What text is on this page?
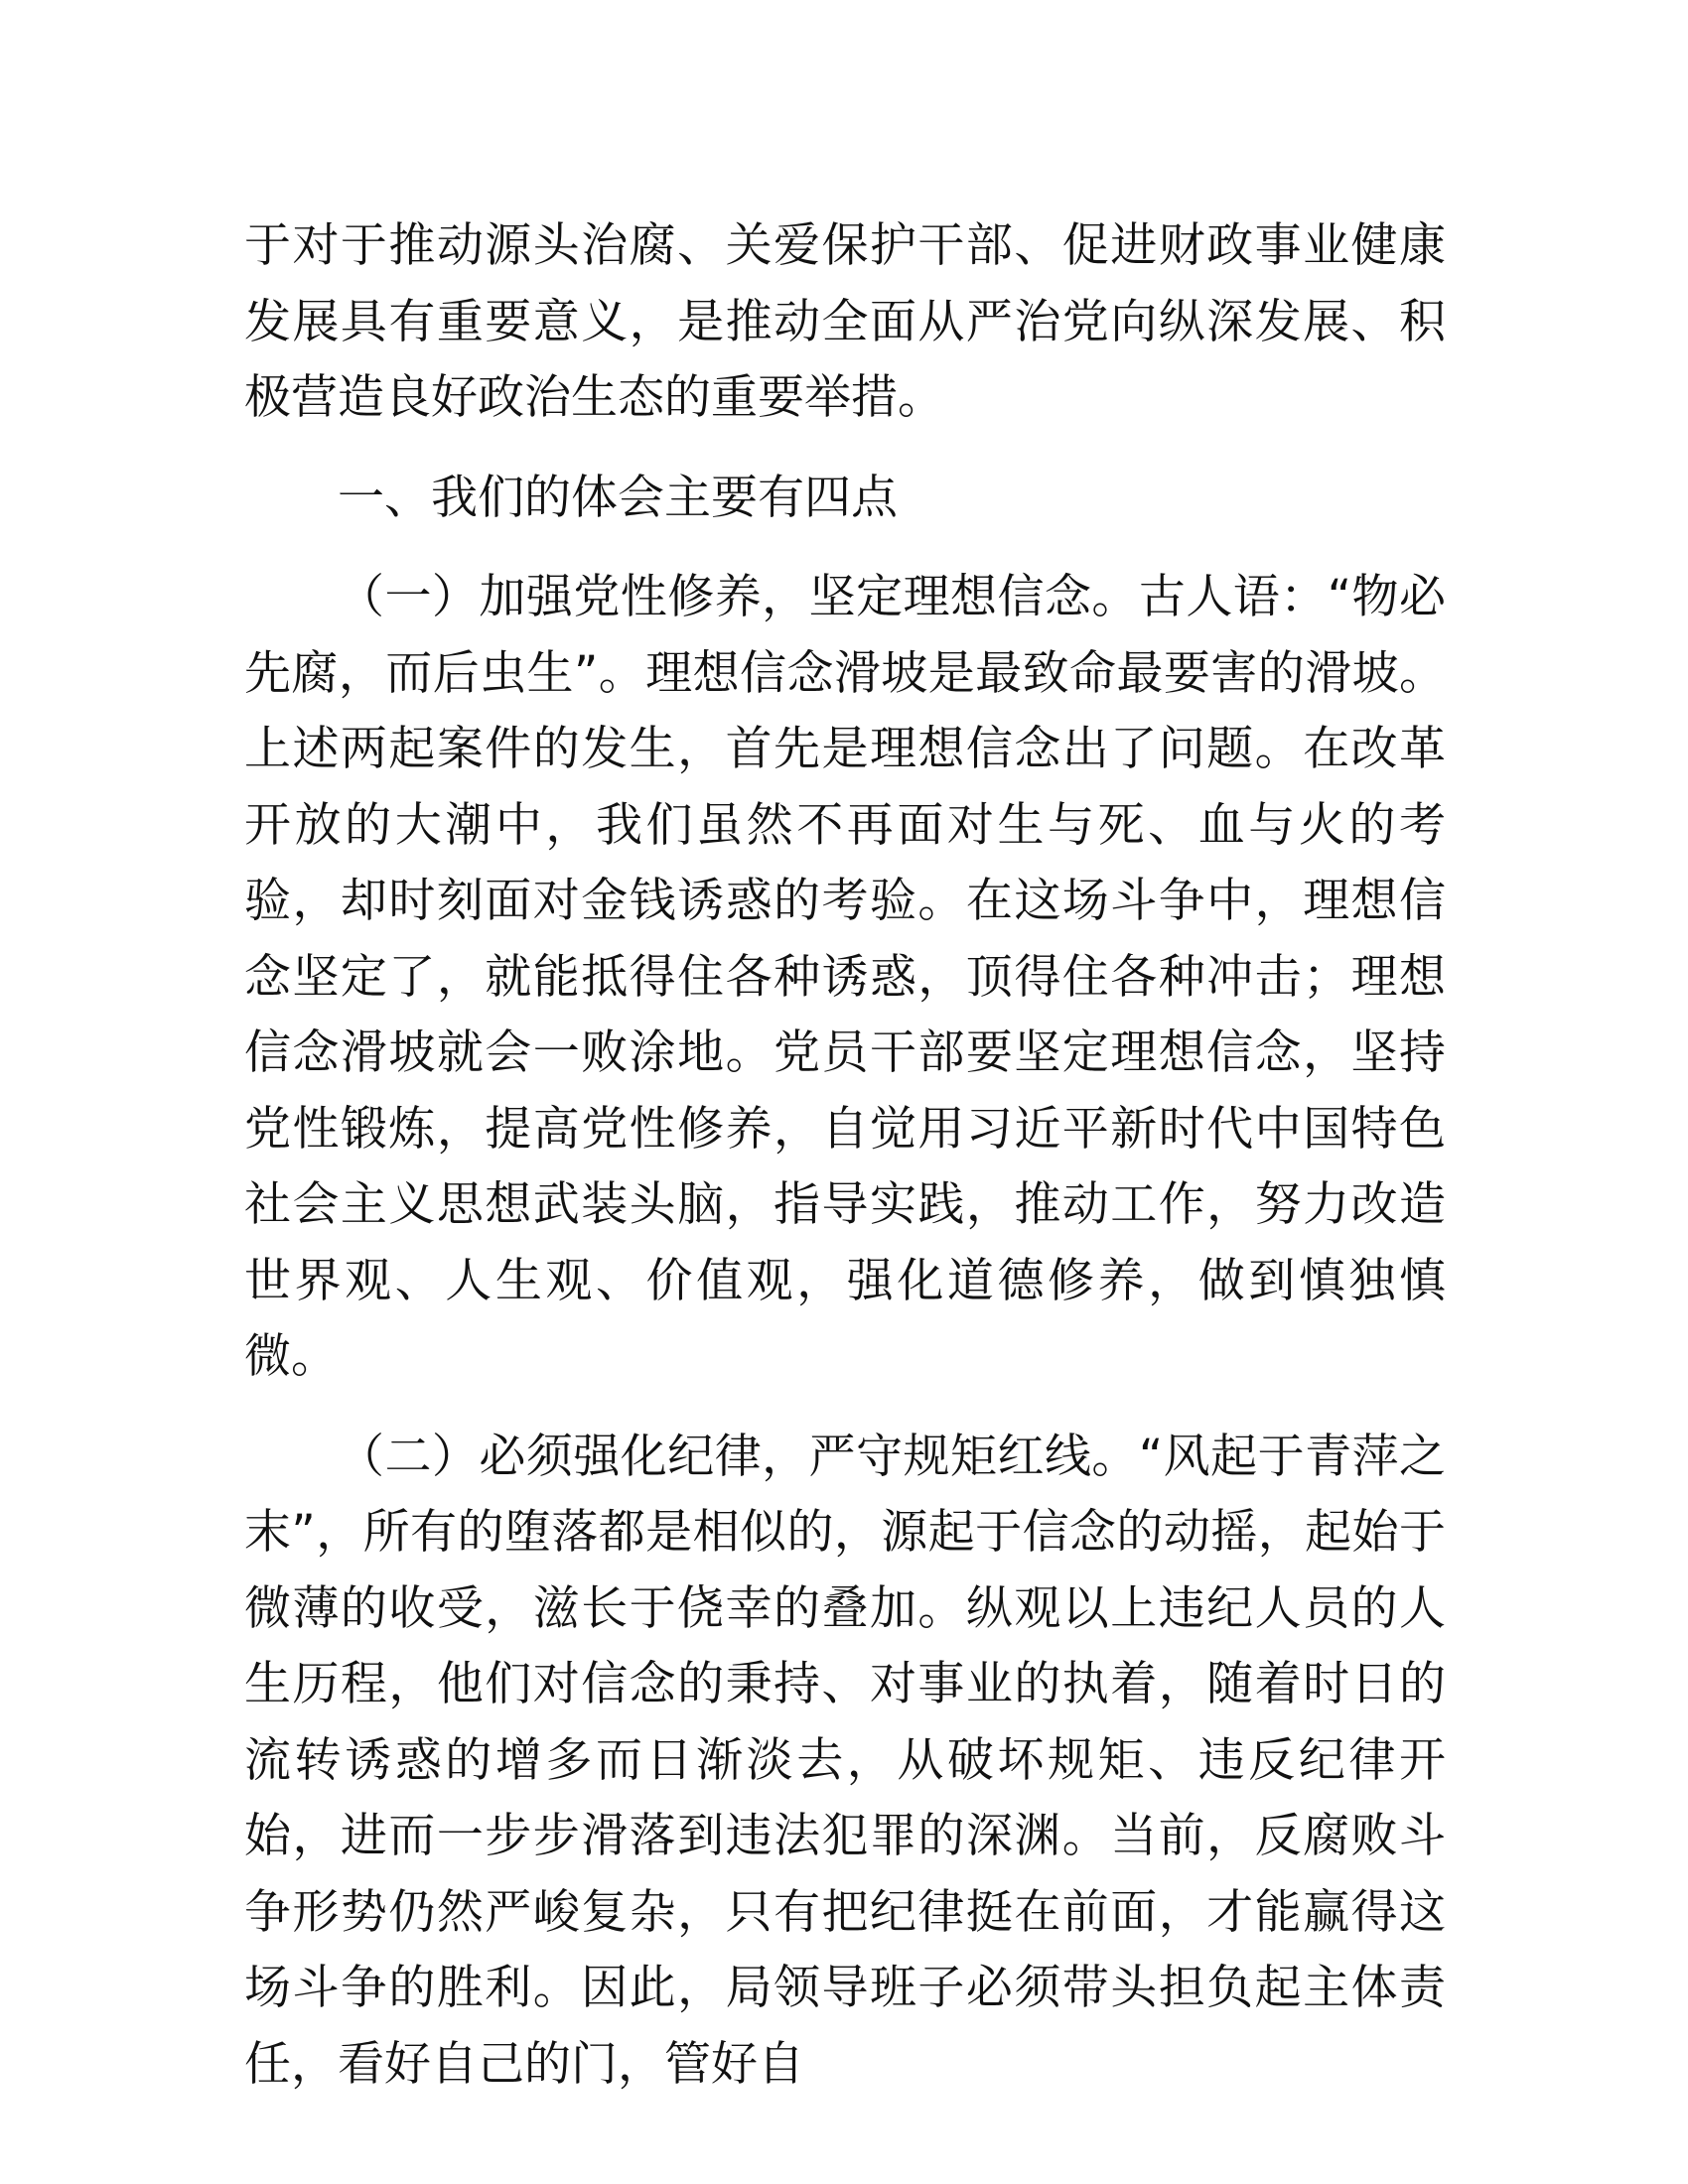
于对于推动源头治腐、关爱保护干部、促进财政事业健康发展具有重要意义，是推动全面从严治党向纵深发展、积极营造良好政治生态的重要举措。

一、我们的体会主要有四点

（一）加强党性修养，坚定理想信念。古人语：“物必先腐，而后虫生”。理想信念滑坡是最致命最要害的滑坡。上述两起案件的发生，首先是理想信念出了问题。在改革开放的大潮中，我们虽然不再面对生与死、血与火的考验，却时刻面对金钱诱惑的考验。在这场斗争中，理想信念坚定了，就能抵得住各种诱惑，顶得住各种冲击；理想信念滑坡就会一败涂地。党员干部要坚定理想信念，坚持党性锻炼，提高党性修养，自觉用习近平新时代中国特色社会主义思想武装头脑，指导实践，推动工作，努力改造世界观、人生观、价值观，强化道德修养，做到慎独慎微。

（二）必须强化纪律，严守规矩红线。“风起于青萍之末”，所有的堕落都是相似的，源起于信念的动摇，起始于微薄的收受，滋长于侥幸的叠加。纵观以上违纪人员的人生历程，他们对信念的秉持、对事业的执着，随着时日的流转诱惑的增多而日渐淡去，从破坏规矩、违反纪律开始，进而一步步滑落到违法犯罪的深渊。当前，反腐败斗争形势仍然严峻复杂，只有把纪律挺在前面，才能赢得这场斗争的胜利。因此，局领导班子必须带头担负起主体责任，看好自己的门，管好自
